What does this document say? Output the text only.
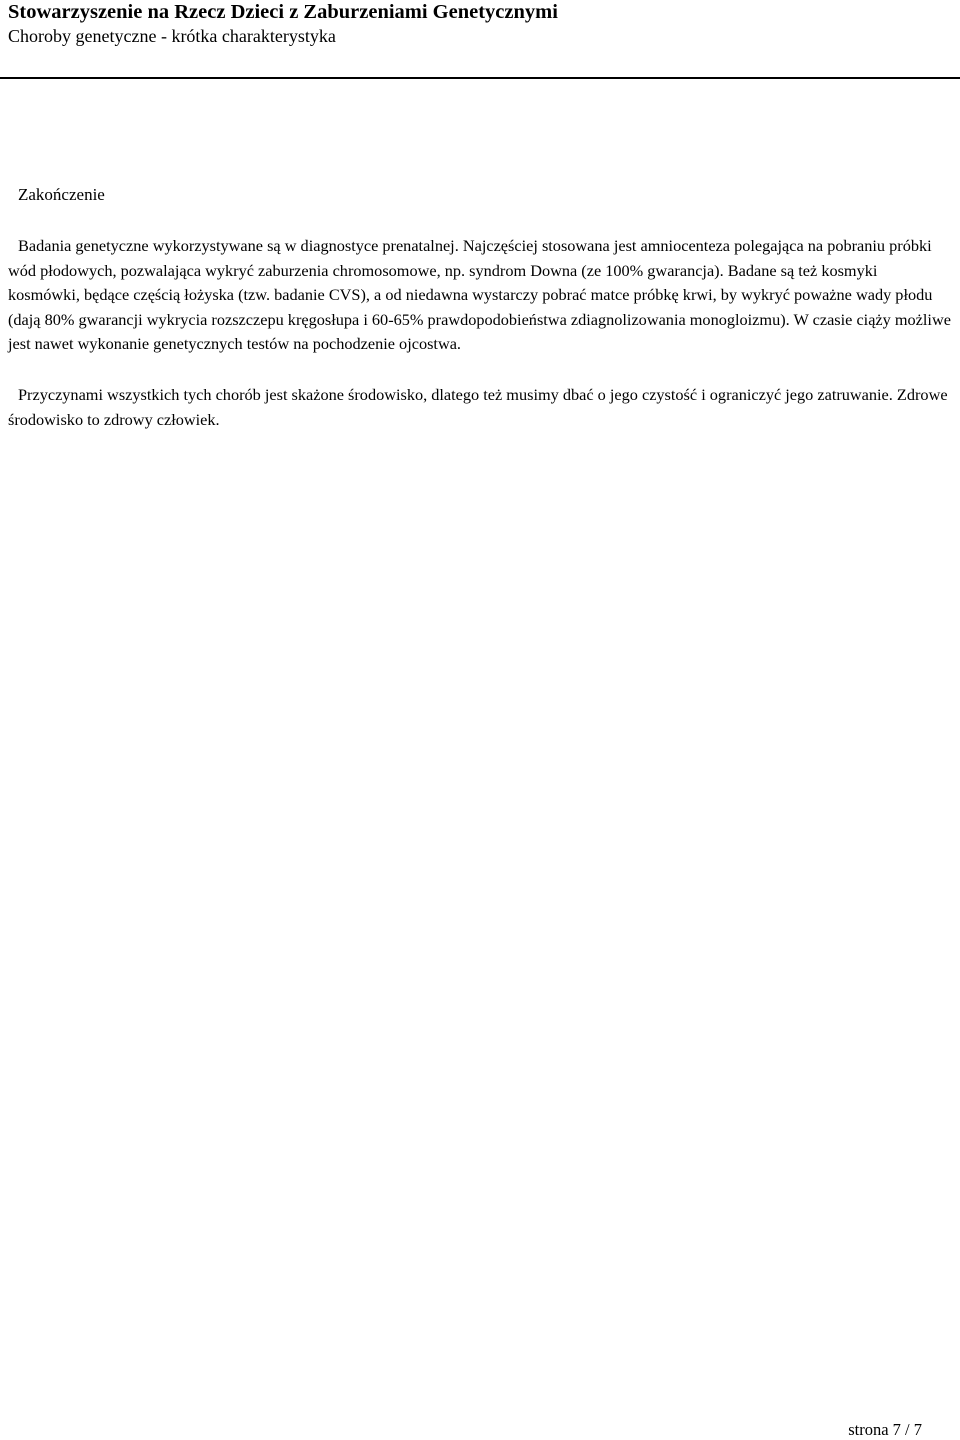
Stowarzyszenie na Rzecz Dzieci z Zaburzeniami Genetycznymi
Choroby genetyczne - krótka charakterystyka
Zakończenie

Badania genetyczne wykorzystywane są w diagnostyce prenatalnej. Najczęściej stosowana jest amniocenteza polegająca na pobraniu próbki wód płodowych, pozwalająca wykryć zaburzenia chromosomowe, np. syndrom Downa (ze 100% gwarancja). Badane są też kosmyki kosmówki, będące częścią łożyska (tzw. badanie CVS), a od niedawna wystarczy pobrać matce próbkę krwi, by wykryć poważne wady płodu (dają 80% gwarancji wykrycia rozszczepu kręgosłupa i 60-65% prawdopodobieństwa zdiagnolizowania monogloizmu). W czasie ciąży możliwe jest nawet wykonanie genetycznych testów na pochodzenie ojcostwa.

Przyczynami wszystkich tych chorób jest skażone środowisko, dlatego też musimy dbać o jego czystość i ograniczyć jego zatruwanie. Zdrowe środowisko to zdrowy człowiek.

strona 7 / 7
